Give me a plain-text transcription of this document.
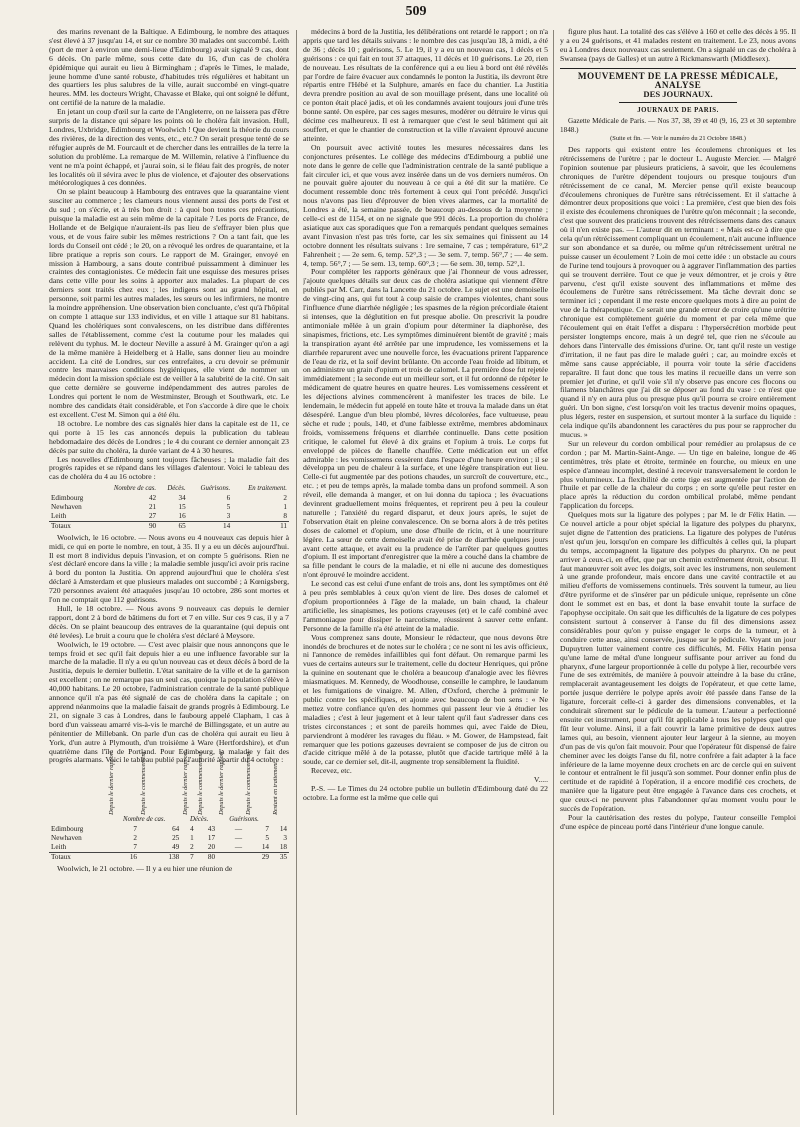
509

des marins revenant de la Baltique. A Edimbourg, le nombre des attaques s'est élevé à 37 jusqu'au 14, et sur ce nombre 30 malades ont succombé. Leith (port de mer à environ une demi-lieue d'Edimbourg) avait signalé 9 cas, dont 6 décès. On parle même, sous cette date du 16, d'un cas de choléra épidémique qui aurait eu lieu à Birmingham ; d'après le Times, le malade, jeune homme d'une santé robuste, d'habitudes très régulières et habitant un des quartiers les plus salubres de la ville, aurait succombé en vingt-quatre heures. MM. les docteurs Wright, Chavasse et Blake, qui ont soigné le défunt, ont certifié de la nature de la maladie.

En jetant un coup d'œil sur la carte de l'Angleterre, on ne laissera pas d'être surpris de la distance qui sépare les points où le choléra fait invasion. Hull, Londres, Uxbridge, Edimbourg et Woolwich ! Que devient la théorie du cours des rivières, de la direction des vents, etc., etc.? On serait presque tenté de se réfugier auprès de M. Fourcault et de chercher dans les entrailles de la terre la solution du problème. La remarque de M. Willemin, relative à l'influence du vent ne m'a point échappé, et j'aurai soin, si le fléau fait des progrès, de noter les localités où il sévira avec le plus de violence, et d'ajouter des observations météorologiques à ces données.

On se plaint beaucoup à Hambourg des entraves que la quarantaine vient susciter au commerce ; les clameurs nous viennent aussi des ports de l'est et du sud ; on s'écrie, et à très bon droit : à quoi bon toutes ces précautions, puisque la maladie est au sein même de la capitale ? Les ports de France, de Hollande et de Belgique n'auraient-ils pas lieu de s'effrayer bien plus que vous, et de vous faire subir les mêmes restrictions ? On a tant fait, que les lords du Conseil ont cédé ; le 20, on a révoqué les ordres de quarantaine, et la libre pratique a repris son cours. Le rapport de M. Grainger, envoyé en mission à Hambourg, a sans doute contribué puissamment à diminuer les craintes des contagionistes. Ce médecin fait une esquisse des mesures prises dans cette ville pour les soins à apporter aux malades. La plupart de ces derniers sont traités chez eux ; les indigens sont au grand hôpital, en personne, soit parmi les autres malades, les sœurs ou les infirmiers, ne montre la moindre appréhension. Une observation bien concluante, c'est qu'à l'hôpital on compte 1 attaque sur 133 individus, et en ville 1 attaque sur 81 habitans. Quand les cholériques sont convalescens, on les distribue dans différentes salles de l'établissement, comme c'est la coutume pour les malades qui relèvent du typhus. M. le docteur Neville a assuré à M. Grainger qu'on a agi de la même manière à Heidelberg et à Halle, sans donner lieu au moindre accident. La cité de Londres, sur ces entrefaites, a cru devoir se prémunir contre les mauvaises conditions hygiéniques, elle vient de nommer un médecin dont la mission spéciale est de veiller à la salubrité de la cité. On sait que cette dernière se gouverne indépendamment des autres paroles de Londres qui portent le nom de Westminster, Brough et Southwark, etc. Le nombre des candidats était considérable, et l'on s'accorde à dire que le choix est excellent. C'est M. Simon qui a été élu.

18 octobre. Le nombre des cas signalés hier dans la capitale est de 11, ce qui porte à 15 les cas annoncés depuis la publication du tableau hebdomadaire des décès de Londres ; le 4 du courant ce dernier annonçait 23 décès par suite du choléra, la durée variant de 4 à 30 heures.

Les nouvelles d'Edimbourg sont toujours fâcheuses ; la maladie fait des progrès rapides et se répand dans les villages d'alentour. Voici le tableau des cas de choléra du 4 au 16 octobre :

	Nombre de cas.	Décès.	Guérisons.	En traitement.
Edimbourg	42	34	6	2
Newhaven	21	15	5	1
Leith	27	16	3	8
Totaux	90	65	14	11

Woolwich, le 16 octobre. — Nous avons eu 4 nouveaux cas depuis hier à midi, ce qui en porte le nombre, en tout, à 35. Il y a eu un décès aujourd'hui. Il est mort 8 individus depuis l'invasion, et on compte 5 guérisons. Rien ne s'est déclaré encore dans la ville ; la maladie semble jusqu'ici avoir pris racine à bord du ponton la Justitia. On apprend aujourd'hui que le choléra s'est déclaré à Amsterdam et que plusieurs malades ont succombé ; à Kœnigsberg, 720 personnes avaient été attaquées jusqu'au 10 octobre, 286 sont mortes et l'on ne comptait que 112 guérisons.

Hull, le 18 octobre. — Nous avons 9 nouveaux cas depuis le dernier rapport, dont 2 à bord de bâtimens du fort et 7 en ville. Sur ces 9 cas, il y a 7 décès. On se plaint beaucoup des entraves de la quarantaine (qui depuis ont été levées). Le bruit a couru que le choléra s'est déclaré à Meysore.

Woolwich, le 19 octobre. — C'est avec plaisir que nous annonçons que le temps froid et sec qu'il fait depuis hier a eu une influence favorable sur la marche de la maladie. Il n'y a eu qu'un nouveau cas et deux décès à bord de la Justitia, depuis le dernier bulletin. L'état sanitaire de la ville et de la garnison est excellent ; on ne remarque pas un seul cas, quoique la population s'élève à 40,000 habitans. Le 20 octobre, l'administration centrale de la santé publique annonce qu'il n'a pas été signalé de cas de choléra dans la capitale ; on apprend néanmoins que la maladie faisait de grands progrès à Edimbourg. Le 21, on signale 3 cas à Londres, dans le faubourg appelé Clapham, 1 cas à bord d'un vaisseau amarré vis-à-vis le marché de Billingsgate, et un autre au pénitentier de Millebank. On parle d'un cas de choléra qui aurait eu lieu à York, d'un autre à Plymouth, d'un troisième à Ware (Hertfordshire), et d'un quatrième dans l'île de Portland. Pour Edimbourg, la maladie y fait des progrès alarmans. Voici le tableau publié par l'autorité à partir du 4 octobre :

	Depuis le dernier rapport.	Depuis le commencement.	Depuis le dernier rapport.	Depuis le commencement.	Depuis le dernier rapport.	Depuis le commencement.	Restant en traitement.

	Nombre de cas.		Décès.		Guérisons.		
Edimbourg	7	64	4	43	—	7	14
Newhaven	2	25	1	17	—	5	3
Leith	7	49	2	20	—	14	18
Totaux	16	138	7	80		29	35

Woolwich, le 21 octobre. — Il y a eu hier une réunion de

médecins à bord de la Justitia, les délibérations ont retardé le rapport ; on n'a appris que tard les détails suivans : le nombre des cas jusqu'au 18, à midi, a été de 36 ; décès 10 ; guérisons, 5. Le 19, il y a eu un nouveau cas, 1 décès et 5 guérisons : ce qui fait en tout 37 attaques, 11 décès et 10 guérisons. Le 20, rien de nouveau. Les résultats de la conférence qui a eu lieu à bord ont été révélés par l'ordre de faire évacuer aux condamnés le ponton la Justitia, ils devront être répartis entre l'Hébé et la Sulphure, amarés en face du chantier. La Justitia devra prendre position au aval de son mouillage présent, dans une localité où ce ponton était placé jadis, et où les condamnés avaient toujours joui d'une très bonne santé. On espère, par ces sages mesures, modérer ou détruire le virus qui décime ces malheureux. Il est à remarquer que c'est le seul bâtiment qui ait souffert, et que le chantier de construction et la ville n'avaient éprouvé aucune atteinte.

On poursuit avec activité toutes les mesures nécessaires dans les conjonctures présentes. Le collège des médecins d'Edimbourg a publié une note dans le genre de celle que l'administration centrale de la santé publique a fait circuler ici, et que vous avez insérée dans un de vos derniers numéros. On ne pouvait guère ajouter du nouveau à ce qui a été dit sur la matière. Ce document ressemble donc très fortement à ceux qui l'ont précédé. Jusqu'ici nous n'avons pas lieu d'éprouver de bien vives alarmes, car la mortalité de Londres a été, la semaine passée, de beaucoup au-dessous de la moyenne ; celle-ci est de 1154, et on ne signale que 991 décès. La proportion du choléra asiatique aux cas sporadiques que l'on a remarqués pendant quelques semaines avant l'invasion n'est pas très forte, car les six semaines qui finissent au 14 octobre donnent les résultats suivans : 1re semaine, 7 cas ; température, 61°,2 Fahrenheit ; — 2e sem. 6, temp. 52°,3 ; — 3e sem. 7, temp. 56°,7 ; — 4e sem. 4, temp. 56°,7 ; — 5e sem. 13, temp. 60°,3 ; — 6e sem. 30, temp. 52°,1.

Pour compléter les rapports généraux que j'ai l'honneur de vous adresser, j'ajoute quelques détails sur deux cas de choléra asiatique qui viennent d'être publiés par M. Carr, dans la Lancette du 21 octobre. Le sujet est une demoiselle de vingt-cinq ans, qui fut tout à coup saisie de crampes violentes, chant sous l'influence d'une diarrhée négligée ; les spasmes de la région précordiale étaient si intenses, que la déglutition en fut presque abolie. On prescrivit la poudre antimoniale mêlée à un grain d'opium pour déterminer la diaphorèse, des sinapismes, frictions, etc. Les symptômes diminuèrent bientôt de gravité ; mais la transpiration ayant été arrêtée par une imprudence, les vomissemens et la diarrhée reparurent avec une nouvelle force, les évacuations prirent l'apparence de l'eau de riz, et la soif devint brûlante. On accorde l'eau froide ad libitum, et on administre un grain d'opium et trois de calomel. La première dose fut rejetée immédiatement ; la seconde eut un meilleur sort, et il fut ordonné de répéter le médicament de quatre heures en quatre heures. Les vomissemens cessèrent et les déjections alvines commencèrent à manifester les traces de bile. Le lendemain, le médecin fut appelé en toute hâte et trouva la malade dans un état désespéré. Langue d'un bleu plombé, lèvres décolorées, face vultueuse, peau sèche et rude ; pouls, 140, et d'une faiblesse extrême, membres abdominaux froids, vomissemens fréquens et diarrhée continuelle. Dans cette position critique, le calomel fut élevé à dix grains et l'opium à trois. Le corps fut enveloppé de pièces de flanelle chauffée. Cette médication eut un effet admirable : les vomissemens cessèrent dans l'espace d'une heure environ ; il se développa un peu de chaleur à la surface, et une légère transpiration eut lieu. Celle-ci fut augmentée par des potions chaudes, un surcroît de couverture, etc., etc. ; et peu de temps après, la malade tomba dans un profond sommeil. A son réveil, elle demanda à manger, et on lui donna du tapioca ; les évacuations devinrent graduellement moins fréquentes, et reprirent peu à peu la couleur naturelle ; l'anxiété du regard disparut, et deux jours après, le sujet de l'observation était en pleine convalescence. On se borna alors à de très petites doses de calomel et d'opium, une dose d'huile de ricin, et à une nourriture légère. La sœur de cette demoiselle avait été prise de diarrhée quelques jours avant cette attaque, et avait eu la prudence de l'arrêter par quelques gouttes d'opium. Il est important d'enregistrer que la mère a couché dans la chambre de sa fille pendant le cours de la maladie, et ni elle ni aucune des domestiques n'ont éprouvé le moindre accident.

Le second cas est celui d'une enfant de trois ans, dont les symptômes ont été à peu près semblables à ceux qu'on vient de lire. Des doses de calomel et d'opium proportionnées à l'âge de la malade, un bain chaud, la chaleur artificielle, les sinapismes, les potions crayeuses (et) et le café combiné avec l'ammoniaque pour dissiper le narcotisme, réussirent à sauver cette enfant. Personne de la famille n'a été atteint de la maladie.

Vous comprenez sans doute, Monsieur le rédacteur, que nous devons être inondés de brochures et de notes sur le choléra ; ce ne sont ni les avis officieux, ni l'annonce de remèdes infaillibles qui font défaut. On remarque parmi les vues de certains auteurs sur le traitement, celle du docteur Henriques, qui prône la quinine en soutenant que le choléra a beaucoup d'analogie avec les fièvres miasmatiques. M. Kennedy, de Woodhouse, conseille le camphre, le laudanum et les fumigations de vinaigre. M. Allen, d'Oxford, cherche à prémunir le public contre les spécifiques, et ajoute avec beaucoup de bon sens : « Ne mettez votre confiance qu'en des hommes qui passent leur vie à étudier les maladies ; c'est à leur jugement et à leur talent qu'il faut s'adresser dans ces tristes circonstances ; et sont de pareils hommes qui, avec l'aide de Dieu, parviendront à modérer les ravages du fléau. » M. Gower, de Hampstead, fait remarquer que les potions gazeuses devraient se composer de jus de citron ou d'acide citrique mêlé à de la potasse, plutôt que d'acide tartrique mêlé à la soude, car ce dernier sel, dit-il, augmente trop sensiblement la fluidité.

Recevez, etc.

V.....

P.-S. — Le Times du 24 octobre publie un bulletin d'Edimbourg daté du 22 octobre. La forme est la même que celle qui

figure plus haut. La totalité des cas s'élève à 160 et celle des décès à 95. Il y a eu 24 guérisons, et 41 malades restent en traitement. Le 23, nous avons eu à Londres deux nouveaux cas seulement. On a signalé un cas de choléra à Swansea (pays de Galles) et un autre à Rickmanswarth (Middlesex).

MOUVEMENT DE LA PRESSE MÉDICALE, ANALYSE
DES JOURNAUX.
JOURNAUX DE PARIS.

Gazette Médicale de Paris. — Nos 37, 38, 39 et 40 (9, 16, 23 et 30 septembre 1848.)

(Suite et fin. — Voir le numéro du 21 Octobre 1848.)

Des rapports qui existent entre les écoulemens chroniques et les rétrécissemens de l'urètre ; par le docteur L. Auguste Mercier. — Malgré l'opinion soutenue par plusieurs praticiens, à savoir, que les écoulemens chroniques de l'urètre dépendent toujours ou presque toujours d'un rétrécissement de ce canal, M. Mercier pense qu'il existe beaucoup d'écoulemens chroniques de l'urètre sans rétrécissement. Et il s'attache à démontrer deux propositions que voici : La première, c'est que bien des fois il existe des écoulemens chroniques de l'urètre qu'on méconnait ; la seconde, c'est que souvent des praticiens trouvent des rétrécissemens dans des canaux où il n'en existe pas. — L'auteur dit en terminant : « Mais est-ce à dire que cela qu'un rétrécissement compliquant un écoulement, n'ait aucune influence sur son abondance et sa durée, ou même qu'un rétrécissement urétral ne puisse causer un écoulement ? Loin de moi cette idée : un obstacle au cours de l'urine tend toujours à provoquer ou à aggraver l'inflammation des parties qui se trouvent derrière. Tout ce que je veux démontrer, et je crois y être parvenu, c'est qu'il existe souvent des inflammations et même des écoulemens de l'urètre sans rétrécissement. Ma tâche devrait donc se terminer ici ; cependant il me reste encore quelques mots à dire au point de vue de la thérapeutique. Ce serait une grande erreur de croire qu'une urétrite chronique est complètement guérie du moment et par cela même que l'écoulement qui en était l'effet a disparu : l'hypersécrétion morbide peut persister longtemps encore, mais à un degré tel, que rien ne s'écoule au dehors dans l'intervalle des émissions d'urine. Or, tant qu'il reste un vestige d'irritation, il ne faut pas dire le malade guéri ; car, au moindre excès et même sans cause appréciable, il pourra voir toute la série d'accidens reparaître. Il faut donc que tous les matins il recueille dans un verre son premier jet d'urine, et qu'il voie s'il n'y observe pas encore ces flocons ou filamens blanchâtres que j'ai dit se déposer au fond du vase : ce n'est que quand il n'y en aura plus ou presque plus qu'il pourra se croire entièrement guéri. Un bon signe, c'est lorsqu'on voit les tractus devenir moins opaques, plus légers, rester en suspension, et surtout monter à la surface du liquide : cela indique qu'ils abandonnent les caractères du pus pour se rapprocher du mucus. »

Sur un releveur du cordon ombilical pour remédier au prolapsus de ce cordon ; par M. Martin-Saint-Ange. — Un tige en baleine, longue de 46 centimètres, très plate et étroite, terminée en fourche, ou mieux en une espèce d'anneau incomplet, destiné à recevoir transversalement le cordon le plus volumineux. La flexibilité de cette tige est augmentée par l'action de l'huile et par celle de la chaleur du corps ; en sorte qu'elle peut rester en place après la réduction du cordon ombilical prolabé, même pendant l'application du forceps.

Quelques mots sur la ligature des polypes ; par M. le dr Félix Hatin. — Ce nouvel article a pour objet spécial la ligature des polypes du pharynx, sujet digne de l'attention des praticiens. La ligature des polypes de l'utérus n'est qu'un jeu, lorsqu'on en compare les difficultés à celles qui, la plupart du temps, accompagnent la ligature des polypes du pharynx. On ne peut arriver à ceux-ci, en effet, que par un chemin extrêmement étroit, obscur. Il faut manœuvrer soit avec les doigts, soit avec les instrumens, non seulement à une grande profondeur, mais encore dans une cavité contractile et au milieu d'efforts de vomissemens continuels. Très souvent la tumeur, au lieu d'être pyriforme et de s'insérer par un pédicule unique, représente un cône dont le sommet est en bas, et dont la base envahit toute la surface de l'apophyse occipitale. On sait que les difficultés de la ligature de ces polypes consistent surtout à conserver à l'anse du fil des dimensions assez considérables pour qu'on y puisse engager le corps de la tumeur, et à conduire cette anse, ainsi conservée, jusque sur le pédicule. Voyant un jour Dupuytren lutter vainement contre ces difficultés, M. Félix Hatin pensa qu'une lame de métal d'une longueur suffisante pour arriver au fond du pharynx, d'une largeur proportionnée à celle du polype à lier, recourbée vers l'une de ses extrémités, de manière à pouvoir atteindre à la base du crâne, remplacerait avantageusement les doigts de l'opérateur, et que cette lame, portée jusque derrière le polype après avoir été passée dans l'anse de la ligature, forcerait celle-ci à garder des dimensions convenables, et la conduirait sûrement sur le pédicule de la tumeur. L'auteur a perfectionné ensuite cet instrument, pour qu'il fût applicable à tous les polypes quel que fût leur volume. Ainsi, il a fait couvrir la lame primitive de deux autres lames qui, au besoin, viennent ajouter leur largeur à la sienne, au moyen d'un pas de vis qu'on fait mouvoir. Pour que l'opérateur fût dispensé de faire cheminer avec les doigts l'anse du fil, notre confrère a fait adapter à la face inférieure de la lame moyenne deux crochets en arc de cercle qui en suivent le contour et entraînent le fil jusqu'à son sommet. Pour donner enfin plus de certitude et de rapidité à l'opération, il a encore modifié ces crochets, de manière que la ligature peut être engagée à l'avance dans ces crochets, et que ceux-ci ne peuvent plus l'abandonner qu'au moment voulu pour le succès de l'opération.

Pour la cautérisation des restes du polype, l'auteur conseille l'emploi d'une espèce de pinceau porté dans l'intérieur d'une longue canule.
